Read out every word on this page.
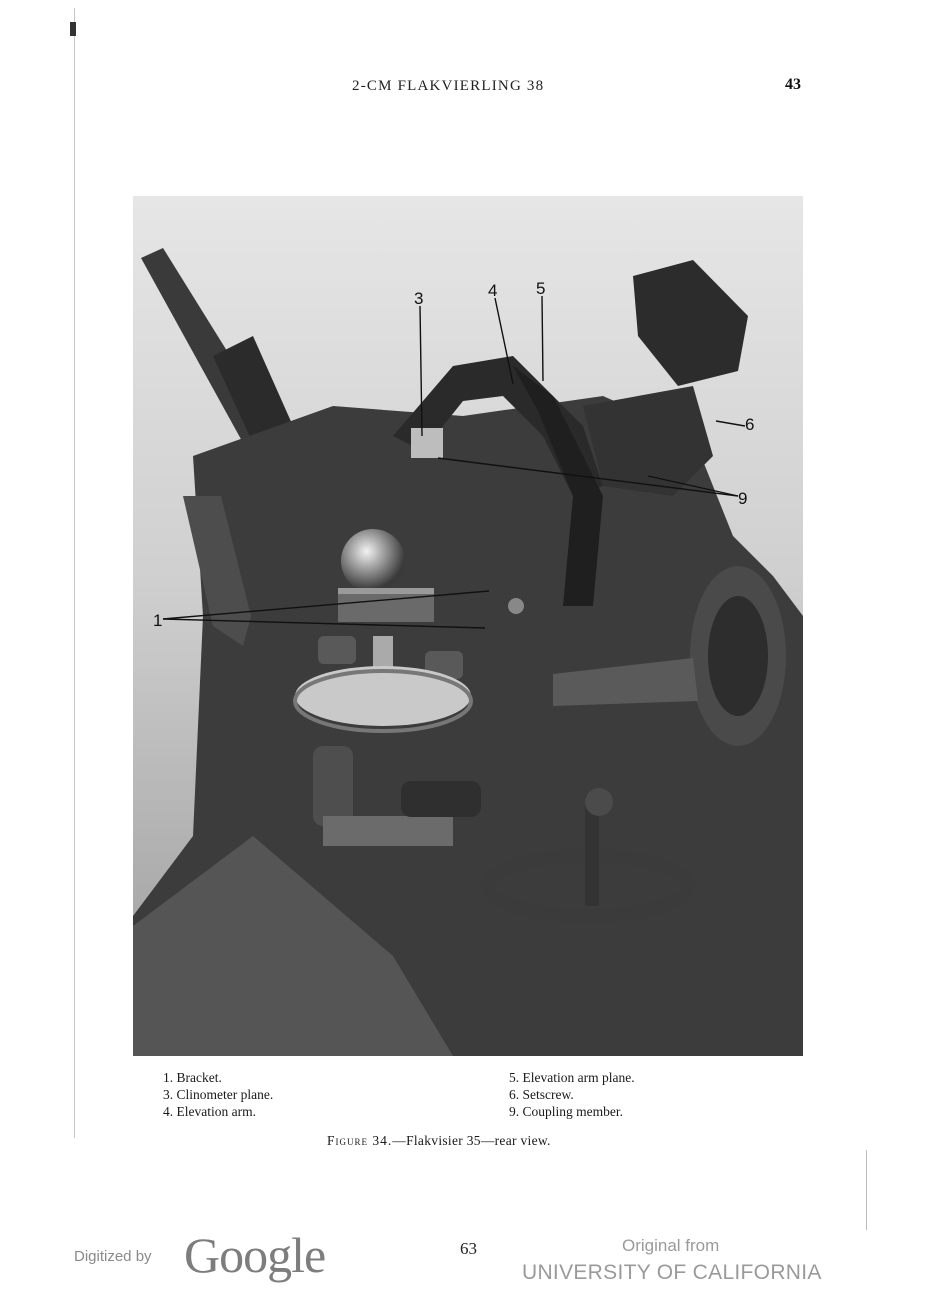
2-CM FLAKVIERLING 38	43
3	4 5
6
9
1
1. Bracket.
3. Clinometer plane.
4. Elevation arm.
5. Elevation arm plane.
6. Setscrew.
9. Coupling member.
Figure 34.—Flakvisier 35—rear view.
Digitized by Google	63	Original from
UNIVERSITY OF CALIFORNIA
